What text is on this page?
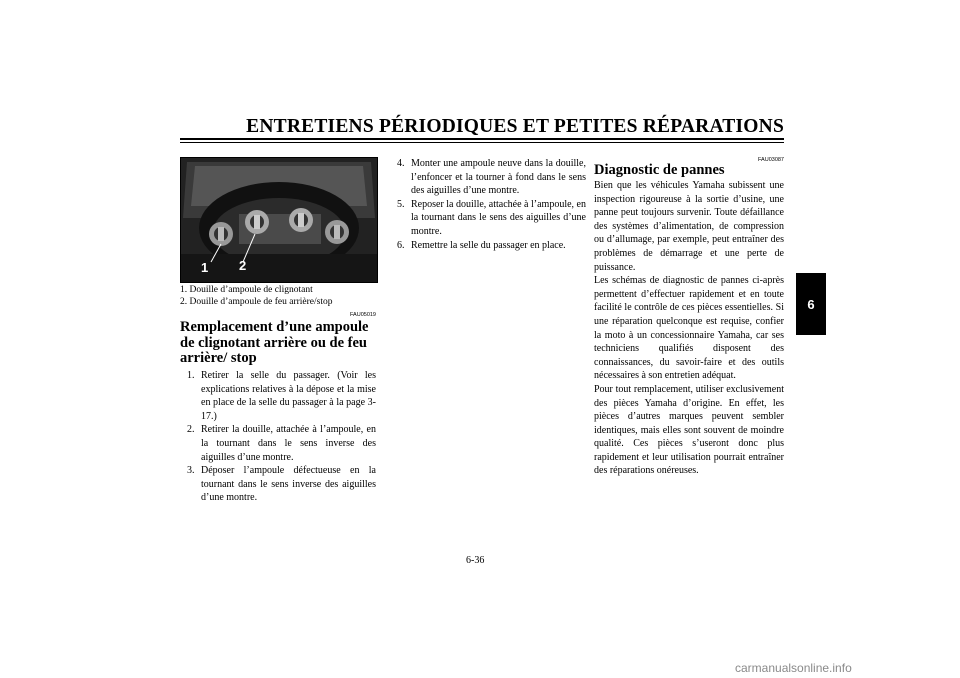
ENTRETIENS PÉRIODIQUES ET PETITES RÉPARATIONS
6
1 2
1. Douille d’ampoule de clignotant
2. Douille d’ampoule de feu arrière/stop
FAU05019
Remplacement d’une ampoule de clignotant arrière ou de feu arrière/ stop
1. Retirer la selle du passager. (Voir les explications relatives à la dépose et la mise en place de la selle du passager à la page 3-17.)
2. Retirer la douille, attachée à l’ampoule, en la tournant dans le sens inverse des aiguilles d’une montre.
3. Déposer l’ampoule défectueuse en la tournant dans le sens inverse des aiguilles d’une montre.
4. Monter une ampoule neuve dans la douille, l’enfoncer et la tourner à fond dans le sens des aiguilles d’une montre.
5. Reposer la douille, attachée à l’ampoule, en la tournant dans le sens des aiguilles d’une montre.
6. Remettre la selle du passager en place.
FAU03087
Diagnostic de pannes

Bien que les véhicules Yamaha subissent une inspection rigoureuse à la sortie d’usine, une panne peut toujours survenir. Toute défaillance des systèmes d’alimentation, de compression ou d’allumage, par exemple, peut entraîner des problèmes de démarrage et une perte de puissance.

Les schémas de diagnostic de pannes ci-après permettent d’effectuer rapidement et en toute facilité le contrôle de ces pièces essentielles. Si une réparation quelconque est requise, confier la moto à un concessionnaire Yamaha, car ses techniciens qualifiés disposent des connaissances, du savoir-faire et des outils nécessaires à son entretien adéquat.

Pour tout remplacement, utiliser exclusivement des pièces Yamaha d’origine. En effet, les pièces d’autres marques peuvent sembler identiques, mais elles sont souvent de moindre qualité. Ces pièces s’useront donc plus rapidement et leur utilisation pourrait entraîner des réparations onéreuses.

6-36
carmanualsonline.info
